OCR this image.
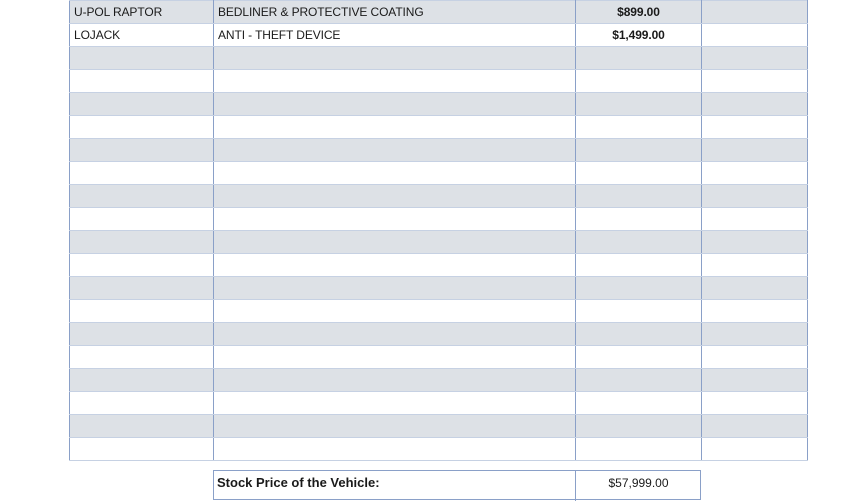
U-POL RAPTOR	BEDLINER & PROTECTIVE COATING	$899.00	
LOJACK	ANTI - THEFT DEVICE	$1,499.00	

Stock Price of the Vehicle:	$57,999.00
